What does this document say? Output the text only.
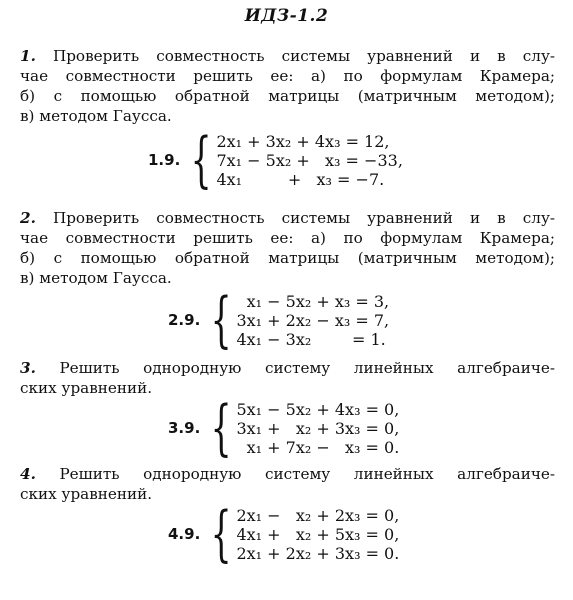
ИДЗ-1.2
1. Проверить совместность системы уравнений и в слу-
чае совместности решить ее: а) по формулам Крамера;
б) с помощью обратной матрицы (матричным методом);
в) методом Гаусса.
1.9. { 2x₁ + 3x₂ + 4x₃ = 12,
7x₁ − 5x₂ +   x₃ = −33,
4x₁         +   x₃ = −7.
2. Проверить совместность системы уравнений и в слу-
чае совместности решить ее: а) по формулам Крамера;
б) с помощью обратной матрицы (матричным методом);
в) методом Гаусса.
2.9. { x₁ − 5x₂ + x₃ = 3,
3x₁ + 2x₂ − x₃ = 7,
4x₁ − 3x₂        = 1.
3. Решить однородную систему линейных алгебраиче-
ских уравнений.
3.9. { 5x₁ − 5x₂ + 4x₃ = 0,
3x₁ +   x₂ + 3x₃ = 0,
x₁ + 7x₂ −   x₃ = 0.
4. Решить однородную систему линейных алгебраиче-
ских уравнений.
4.9. { 2x₁ −   x₂ + 2x₃ = 0,
4x₁ +   x₂ + 5x₃ = 0,
2x₁ + 2x₂ + 3x₃ = 0.
